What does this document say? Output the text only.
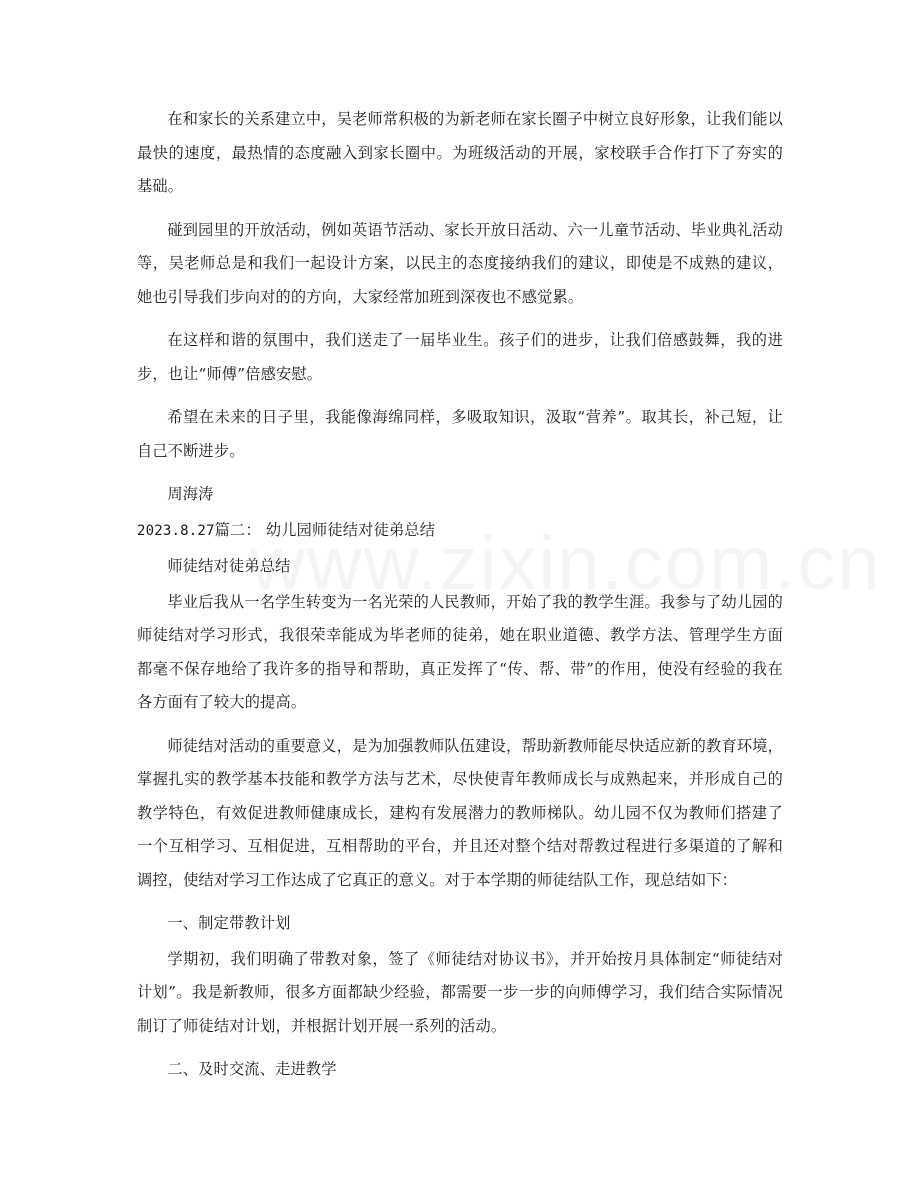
在和家长的关系建立中，吴老师常积极的为新老师在家长圈子中树立良好形象，让我们能以最快的速度，最热情的态度融入到家长圈中。为班级活动的开展，家校联手合作打下了夯实的基础。

碰到园里的开放活动，例如英语节活动、家长开放日活动、六一儿童节活动、毕业典礼活动等，吴老师总是和我们一起设计方案，以民主的态度接纳我们的建议，即使是不成熟的建议，她也引导我们步向对的的方向，大家经常加班到深夜也不感觉累。

在这样和谐的氛围中，我们送走了一届毕业生。孩子们的进步，让我们倍感鼓舞，我的进步，也让“师傅”倍感安慰。

希望在未来的日子里，我能像海绵同样，多吸取知识，汲取“营养”。取其长，补己短，让自己不断进步。

周海涛

2023.8.27篇二： 幼儿园师徒结对徒弟总结

师徒结对徒弟总结

毕业后我从一名学生转变为一名光荣的人民教师，开始了我的教学生涯。我参与了幼儿园的师徒结对学习形式，我很荣幸能成为毕老师的徒弟，她在职业道德、教学方法、管理学生方面都毫不保存地给了我许多的指导和帮助，真正发挥了“传、帮、带”的作用，使没有经验的我在各方面有了较大的提高。

师徒结对活动的重要意义，是为加强教师队伍建设，帮助新教师能尽快适应新的教育环境，掌握扎实的教学基本技能和教学方法与艺术，尽快使青年教师成长与成熟起来，并形成自己的教学特色，有效促进教师健康成长，建构有发展潜力的教师梯队。幼儿园不仅为教师们搭建了一个互相学习、互相促进，互相帮助的平台，并且还对整个结对帮教过程进行多渠道的了解和调控，使结对学习工作达成了它真正的意义。对于本学期的师徒结队工作，现总结如下：

一、制定带教计划

学期初，我们明确了带教对象，签了《师徒结对协议书》，并开始按月具体制定“师徒结对计划”。我是新教师，很多方面都缺少经验，都需要一步一步的向师傅学习，我们结合实际情况制订了师徒结对计划，并根据计划开展一系列的活动。

二、及时交流、走进教学
